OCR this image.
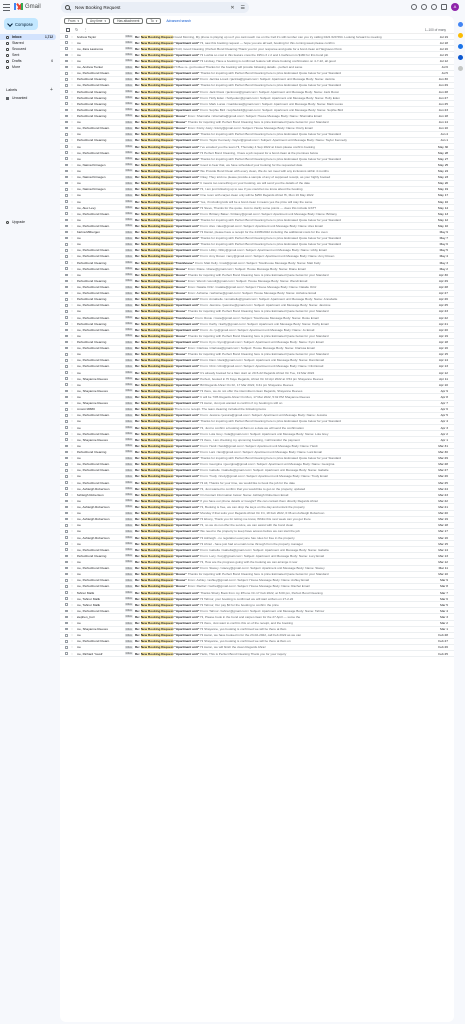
Gmail
New Booking Request	✕ ☰	A
Compose
Inbox	1,712
Starred
Snoozed
Sent
Drafts	6
More
Labels	+
Unwanted
Upgrade
From ▾	Any time ▾	Has attachment	To ▾	Advanced search
↻ ⋮	1–100 of many
☆ Andrew Taylor	Inbox Re: New Booking Request Good Morning, My phone is playing up so if you cant reach me on the Cell it's still number can you try calling 0421 620 594. Looking forward to meeting	Jul 19
☆ me	Inbox Re: New Booking Request "Apartment unit" Hi, saw this booking request — hope you are all well, booking for this coming week please confirm	Jul 18
☆ me, Zara Lawrence	Inbox Re: New Booking Request Hi All, Good Cleaning | Perfect Bond Cleaning Thank you for your response and guide for a bond clean at Hargraves Point.	Jul 16
☆ me	Inbox Re: New Booking Request "Apartment unit" Hi Lushia so cost in this feature crew the 195m 3 x 2 and 1 bathroom is $180 for this bond job	Jul 15
☆ me	Inbox Re: New Booking Request "Apartment unit" Hi Lindsay, Have a booking is confirmed feature will share booking confirmation on 4-7-22, all good	Jul 12
☆ me, Andrew Tucker	Inbox Re: New Booking Request Hi Bee re- got booked Thanks for the booking will provide following details - perfect and same	Jul 6
☆ me, Perfectbond Cleani.	Inbox Re: New Booking Request "Apartment unit" Thanks for inquiring with Perfect Bond Cleaning here is price Estimated Quote below for your Standard	Jul 5
☆ Perfectbond Cleaning	Inbox Re: New Booking Request "Apartment unit" From: Jacinta Lovett <jacinta@gmail.com> Subject: Apartment unit Message Body: Name: Jacinta	Jun 30
☆ me, Perfectbond Cleani.	Inbox Re: New Booking Request "Apartment unit" Thanks for inquiring with Perfect Bond Cleaning here is price Estimated Quote below for your Standard	Jun 29
☆ Perfectbond Cleaning	Inbox Re: New Booking Request "Apartment unit" From: Jack Rossi <jackrossi@gmail.com> Subject: Apartment unit Message Body: Name: Jack Rossi	Jun 28
☆ Perfectbond Cleaning	Inbox Re: New Booking Request "Apartment unit" From: Holly Eden <hollyeden@gmail.com> Subject: Apartment unit Message Body: Name: Holly Eden	Jun 27
☆ Perfectbond Cleaning	Inbox Re: New Booking Request "Apartment unit" From: Mark Lucas <marklucas@gmail.com> Subject: Apartment unit Message Body: Name: Mark Lucas	Jun 25
☆ Perfectbond Cleaning	Inbox Re: New Booking Request "Apartment unit" From: Sophie Bird <sophiebird@gmail.com> Subject: Apartment unit Message Body: Name: Sophie Bird	Jun 23
☆ Perfectbond Cleaning	Inbox Re: New Booking Request "House" From: Sharnaha <sharnaha@gmail.com> Subject: House Message Body: Name: Sharnaha Email	Jun 18
☆ me	Inbox Re: New Booking Request "House" Thanks for inquiring with Perfect Bond Cleaning here is price Estimated Quote below for your Standard	Jun 14
☆ me, Perfectbond Cleani.	Inbox Re: New Booking Request "House" From: Kisrty Justy <kisrty@gmail.com> Subject: House Message Body: Name: Kisrty Email	Jun 10
☆ me	Inbox Re: New Booking Request "Apartment unit" Thanks for inquiring with Perfect Bond Cleaning here is price Estimated Quote below for your Standard	Jun 4
☆ Perfectbond Cleaning	Inbox Re: New Booking Request "Apartment unit" From: Taylor Kennedy <taylor@gmail.com> Subject: Apartment unit Message Body: Name: Taylor Kennedy	Jun 1
☆ me	Inbox Re: New Booking Request "Apartment unit" I've emailed you the team Hi, Thursday 4 Sep 2022 at 11am please confirm booking	May 30
☆ me, Perfectbond Cleani.	Inbox Re: New Booking Request "Apartment unit" Hi Perfect Bond Cleaning, I have a job request for a bond clean at the premises below	May 28
☆ me	Inbox Re: New Booking Request "Apartment unit" Thanks for inquiring with Perfect Bond Cleaning here is price Estimated Quote below for your Standard	May 27
☆ me, Naima Kirinegen	Inbox Re: New Booking Request "Apartment unit" Good to hear that, we have scheduled your booking for the requested date	May 25
☆ me	Inbox Re: New Booking Request "Apartment unit" We Provide Bond Clean with every clean, We do not meet with any inclusions within 4 months	May 24
☆ me, Naima Kirinegen	Inbox Re: New Booking Request "Apartment unit" Okay, They told me please provide a sample of any of supposed receipt, as your highly booked	May 23
☆ me	Inbox Re: New Booking Request "Apartment unit" It means too something on your booking, we will send you the details of the date	May 20
☆ me, Naima Kirinegen	Inbox Re: New Booking Request "Apartment unit" Hi, I am just following up to see if you could let me know about the booking	May 19
☆ me	Inbox Re: New Booking Request "Apartment unit" One room with carpet clean only will be $250 Regards Ahraz Hi, Mon 16 May 2022	May 17
☆ me	Inbox Re: New Booking Request "Apartment unit" Yes, if including kids will be a bond clean it means yes the price will stay the same	May 16
☆ me, Alex Levy	Inbox Re: New Booking Request "Apartment unit" Hi Steve, Thanks for the quote. Just to clarify some points — does this include GST?	May 14
☆ me, Perfectbond Cleani.	Inbox Re: New Booking Request "Apartment unit" From: Brittany Baker <brittany@gmail.com> Subject: Apartment unit Message Body: Name: Brittany	May 13
☆ me	Inbox Re: New Booking Request "Apartment unit" Thanks for inquiring with Perfect Bond Cleaning here is price Estimated Quote below for your Standard	May 12
☆ me, Perfectbond Cleani.	Inbox Re: New Booking Request "Apartment unit" From: Alex <alex@gmail.com> Subject: Apartment unit Message Body: Name: Alex Email	May 10
☆ Karina Milbergen	Inbox Re: New Booking Request "Apartment unit" Hi Daniel, please have a receipt for the 24/05/2022 including the additional costs for the oven	May 9
☆ me	Inbox Re: New Booking Request "Apartment unit" Thanks for inquiring with Perfect Bond Cleaning here is price Estimated Quote below for your Standard	May 7
☆ me	Inbox Re: New Booking Request "Apartment unit" Thanks for inquiring with Perfect Bond Cleaning here is price Estimated Quote below for your Standard	May 6
☆ me, Perfectbond Cleani.	Inbox Re: New Booking Request "Apartment unit" From: Libby <libby@gmail.com> Subject: Apartment unit Message Body: Name: Libby Email	May 5
☆ me, Perfectbond Cleani.	Inbox Re: New Booking Request "Apartment unit" From: Amy Rosen <amy@gmail.com> Subject: Apartment unit Message Body: Name: Amy Rosen	May 4
☆ Perfectbond Cleaning	Inbox Re: New Booking Request "Townhouse" From: Matt Kelly <matt@gmail.com> Subject: Townhouse Message Body: Name: Matt Kelly	May 3
☆ me, Perfectbond Cleani.	Inbox Re: New Booking Request "House" From: Diane <diane@gmail.com> Subject: House Message Body: Name: Diane Email	May 2
☆ me	Inbox Re: New Booking Request "House" Thanks for inquiring with Perfect Bond Cleaning here is price Estimated Quote below for your Standard	Apr 30
☆ Perfectbond Cleaning	Inbox Re: New Booking Request "House" From: Wendi <wendi@gmail.com> Subject: House Message Body: Name: Wendi Email	Apr 29
☆ me, Perfectbond Cleani.	Inbox Re: New Booking Request "House" From: Natalie Ortiz <natalie@gmail.com> Subject: House Message Body: Name: Natalie Ortiz	Apr 28
☆ me, Perfectbond Cleani.	Inbox Re: New Booking Request "House" From: Ashwine <ashwine@gmail.com> Subject: House Message Body: Name: Ashwine Email	Apr 27
☆ Perfectbond Cleaning	Inbox Re: New Booking Request "Apartment unit" From: Annabelle <annabelle@gmail.com> Subject: Apartment unit Message Body: Name: Annabelle	Apr 26
☆ me, Perfectbond Cleani.	Inbox Re: New Booking Request "Apartment unit" From: Jasmine <jasmine@gmail.com> Subject: Apartment unit Message Body: Name: Jasmine	Apr 25
☆ me	Inbox Re: New Booking Request "House" Thanks for inquiring with Perfect Bond Cleaning here is price Estimated Quote below for your Standard	Apr 23
☆ me, Perfectbond Cleani.	Inbox Re: New Booking Request "Townhouse" From: Rosie <rosie@gmail.com> Subject: Townhouse Message Body: Name: Rosie Email	Apr 22
☆ Perfectbond Cleaning	Inbox Re: New Booking Request "Apartment unit" From: Kathy <kathy@gmail.com> Subject: Apartment unit Message Body: Name: Kathy Email	Apr 21
☆ me, Perfectbond Cleani.	Inbox Re: New Booking Request "Apartment unit" From: Jo <jo@gmail.com> Subject: Apartment unit Message Body: Name: Jo Email	Apr 20
☆ me	Inbox Re: New Booking Request "House" Thanks for inquiring with Perfect Bond Cleaning here is price Estimated Quote below for your Standard	Apr 19
☆ Perfectbond Cleaning	Inbox Re: New Booking Request "Apartment unit" From: Kym <kym@gmail.com> Subject: Apartment unit Message Body: Name: Kym Email	Apr 18
☆ me, Perfectbond Cleani.	Inbox Re: New Booking Request "House" From: Clarissa <clarissa@gmail.com> Subject: House Message Body: Name: Clarissa Email	Apr 16
☆ me	Inbox Re: New Booking Request "House" Thanks for inquiring with Perfect Bond Cleaning here is price Estimated Quote below for your Standard	Apr 15
☆ me, Perfectbond Cleani.	Inbox Re: New Booking Request "Apartment unit" From: Dani <dani@gmail.com> Subject: Apartment unit Message Body: Name: Dani Email	Apr 14
☆ me, Perfectbond Cleani.	Inbox Re: New Booking Request "Apartment unit" From: Clint <clint@gmail.com> Subject: Apartment unit Message Body: Name: Clint Email	Apr 13
☆ me	Inbox Re: New Booking Request "Apartment unit" It's already booked for a 9am start on 20-5-22 Regards Ahraz On Tue, 19 Mar 2022	Apr 12
☆ me, Shayanne Reeves	Inbox Re: New Booking Request "Apartment unit" Perfect, booked in Hi Kaye Regards, Ahraz On 10 Apr 2022 at 3:54 pm Shayanne Reeves	Apr 11
☆ me	Inbox Re: New Booking Request "Apartment unit" Bill Regards Ahraz On Fri, 17 Mar 2022, 9:41 pm Shayanne Reeves	Apr 10
☆ me, Shayanne Reeves	Inbox Re: New Booking Request "Apartment unit" Hi there, we do not offer the intermittent clean Regards, Shayanne Reeves	Apr 9
☆ me	Inbox Re: New Booking Request "Apartment unit" It will be 7/05 Regards Ahraz On Mon, 17 Mar 2022, 5:32 PM Shayanne Reeves	Apr 8
☆ me, Shayanne Reeves	Inbox Re: New Booking Request "Apartment unit" Hi Aaron, Just just wanted to confirm if my booking is still on	Apr 7
☆ mnomr18380	Inbox Re: New Booking Request There is no receipt. The team cleaning included the following items	Apr 6
☆ me, Perfectbond Cleani.	Inbox Re: New Booking Request "Apartment unit" From: Jessica <jessica@gmail.com> Subject: Apartment unit Message Body: Name: Jessica	Apr 5
☆ me	Inbox Re: New Booking Request "Apartment unit" Thanks for inquiring with Perfect Bond Cleaning here is price Estimated Quote below for your Standard	Apr 4
☆ me	Inbox Re: New Booking Request "Apartment unit" Hi, Just to confirm a booking at 8am on a date we will send the confirmation	Apr 3
☆ me, Perfectbond Cleani.	Inbox Re: New Booking Request "Apartment unit" From: Lola Grey <lola@gmail.com> Subject: Apartment unit Message Body: Name: Lola Grey	Apr 2
☆ me, Shayanne Reeves	Inbox Re: New Booking Request "Apartment unit" Hi there, I am checking my upcoming booking, I will transfer the payment	Apr 1
☆ me	Inbox Re: New Booking Request "Apartment unit" From: Heidi <heidi@gmail.com> Subject: Apartment unit Message Body: Name: Heidi	Mar 31
☆ Perfectbond Cleaning	Inbox Re: New Booking Request "Apartment unit" From: Lani <lani@gmail.com> Subject: Apartment unit Message Body: Name: Lani Email	Mar 30
☆ me	Inbox Re: New Booking Request "Apartment unit" Thanks for inquiring with Perfect Bond Cleaning here is price Estimated Quote below for your Standard	Mar 29
☆ me, Perfectbond Cleani.	Inbox Re: New Booking Request "Apartment unit" From: Georgina <georgina@gmail.com> Subject: Apartment unit Message Body: Name: Georgina	Mar 28
☆ me, Perfectbond Cleani.	Inbox Re: New Booking Request "Apartment unit" From: Isabelle <isabelle@gmail.com> Subject: Apartment unit Message Body: Name: Isabelle	Mar 27
☆ me	Inbox Re: New Booking Request "Apartment unit" From: Trudy <trudy@gmail.com> Subject: Apartment unit Message Body: Name: Trudy Email	Mar 26
☆ me, Perfectbond Cleani.	Inbox Re: New Booking Request "Apartment unit" Hi All, Thanks for your time, we would like to book the job for the date	Mar 25
☆ me, Ashleigh Robertson	Inbox Re: New Booking Request "Apartment unit" Hi, Just wanted to confirm that you would like to get on the property, updated	Mar 24
☆ Ashleigh Robertson	Inbox Re: New Booking Request "Apartment unit" On Contact Information below: Name: Ashleigh Robertson Email	Mar 23
☆ me	Inbox Re: New Booking Request "Apartment unit" If you have our phone details or Google? We can contact them directly Regards Ahraz	Mar 22
☆ me, Ashleigh Robertson	Inbox Re: New Booking Request "Apartment unit" Hi, Booking is free, we can drop the keys on the day and unlock the property	Mar 21
☆ me	Inbox Re: New Booking Request "Apartment unit" Monday if that suits your Regards Ahraz On Fri, 18 Feb 2022, 6:36 am Ashleigh Robertson	Mar 20
☆ me, Ashleigh Robertson	Inbox Re: New Booking Request "Apartment unit" Hi Ebony, Thank you for letting me know, Whilst this next week can you get there	Mar 19
☆ me	Inbox Re: New Booking Request "Apartment unit" Hi, no we do not offer the service, we can assist with the bond clean	Mar 18
☆ me	Inbox Re: New Booking Request "Apartment unit" We need to the property to keep have access before we can start the job	Mar 17
☆ me, Ashleigh Robertson	Inbox Re: New Booking Request "Apartment unit" Hi Ashleigh - no regulation everyone has rules for free in the property	Mar 16
☆ me	Inbox Re: New Booking Request "Apartment unit" Hi Ahraz - have just had an email come through from the property manager	Mar 15
☆ me, Perfectbond Cleani.	Inbox Re: New Booking Request "Apartment unit" From: Isabella <isabella@gmail.com> Subject: Apartment unit Message Body: Name: Isabella	Mar 14
☆ Perfectbond Cleaning	Inbox Re: New Booking Request "Apartment unit" From: Lucy <lucy@gmail.com> Subject: Apartment unit Message Body: Name: Lucy Email	Mar 13
☆ me	Inbox Re: New Booking Request "Apartment unit" Hi, How are the progress going with the booking we can arrange it now	Mar 12
☆ me, Perfectbond Cleani.	Inbox Re: New Booking Request "Apartment unit" From: Stacey <stacey@gmail.com> Subject: Apartment unit Message Body: Name: Stacey	Mar 11
☆ me	Inbox Re: New Booking Request "House" Thanks for inquiring with Perfect Bond Cleaning here is price Estimated Quote below for your Standard	Mar 10
☆ me, Perfectbond Cleani.	Inbox Re: New Booking Request "House" From: Ashley <ashley@gmail.com> Subject: House Message Body: Name: Ashley Email	Mar 9
☆ me, Perfectbond Cleani.	Inbox Re: New Booking Request "House" From: Rachel <rachel@gmail.com> Subject: House Message Body: Name: Rachel Email	Mar 8
☆ Tahnur Malik	Inbox Re: New Booking Request "Apartment unit" Thanks Shazy Book from my iPhone On 17 Feb 2022, at 6:00 pm, Perfect Bond Cleaning	Mar 7
☆ me, Tahnur Malik	Inbox Re: New Booking Request "Apartment unit" Hi Tahnur, your booking is confirmed we will start at 8am on 27-2-22	Mar 6
☆ me, Tahnur Malik	Inbox Re: New Booking Request "Apartment unit" Hi Tahnur, Our pay $0 for the booking to confirm the price	Mar 5
☆ me, Perfectbond Cleani.	Inbox Re: New Booking Request "Apartment unit" From: Tahnur <tahnur@gmail.com> Subject: Apartment unit Message Body: Name: Tahnur	Mar 4
☆ stephen_burr	Inbox Re: New Booking Request "Apartment unit" Hi, Please book in the bond and carpet clean for the 27 April — some the	Mar 3
☆ me	Inbox Re: New Booking Request "Apartment unit" Hi there, Just want to confirm this on of the receipt, and the booking	Mar 2
☆ me, Shayanne Reeves	Inbox Re: New Booking Request "Apartment unit" Hi Shayanne, yes booking is confirmed we will be there at 8am	Mar 1
☆ me	Inbox Re: New Booking Request "Apartment unit" Hi Aaron, we have booked in for the 23-02-2022, call Feb 2022 as we can	Feb 28
☆ me, Perfectbond Cleani.	Inbox Re: New Booking Request "Apartment unit" Hi Shayanne, yes booking is confirmed we will be there at 8am on	Feb 27
☆ me	Inbox Re: New Booking Request "Apartment unit" Hi Aaron, we will finish the clean Regards Ahraz	Feb 26
☆ me, Richard Yousif	Inbox Re: New Booking Request "Apartment unit" Hello, This is Perfect Bond Cleaning Thank you for your inquiry	Feb 25
